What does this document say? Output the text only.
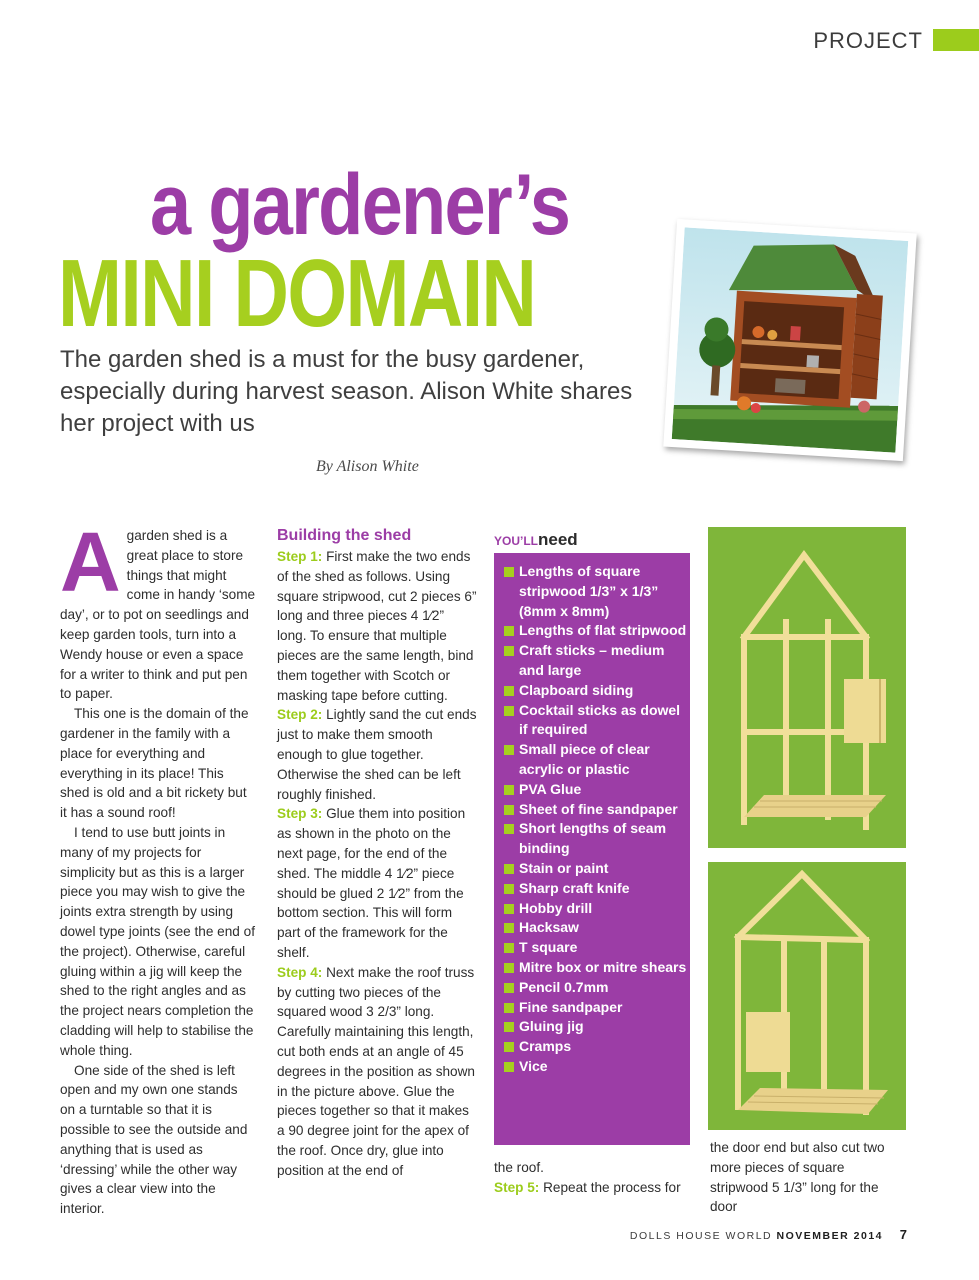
PROJECT
a gardener’s
MINI DOMAIN
The garden shed is a must for the busy gardener, especially during harvest season. Alison White shares her project with us
By Alison White
A garden shed is a great place to store things that might come in handy ‘some day’, or to pot on seedlings and keep garden tools, turn into a Wendy house or even a space for a writer to think and put pen to paper.

This one is the domain of the gardener in the family with a place for everything and everything in its place! This shed is old and a bit rickety but it has a sound roof!

I tend to use butt joints in many of my projects for simplicity but as this is a larger piece you may wish to give the joints extra strength by using dowel type joints (see the end of the project). Otherwise, careful gluing within a jig will keep the shed to the right angles and as the project nears completion the cladding will help to stabilise the whole thing.

One side of the shed is left open and my own one stands on a turntable so that it is possible to see the outside and anything that is used as ‘dressing’ while the other way gives a clear view into the interior.

Building the shed

Step 1: First make the two ends of the shed as follows. Using square stripwood, cut 2 pieces 6” long and three pieces 4 1⁄2” long. To ensure that multiple pieces are the same length, bind them together with Scotch or masking tape before cutting.

Step 2: Lightly sand the cut ends just to make them smooth enough to glue together. Otherwise the shed can be left roughly finished.

Step 3: Glue them into position as shown in the photo on the next page, for the end of the shed. The middle 4 1⁄2” piece should be glued 2 1⁄2” from the bottom section. This will form part of the framework for the shelf.

Step 4: Next make the roof truss by cutting two pieces of the squared wood 3 2/3” long. Carefully maintaining this length, cut both ends at an angle of 45 degrees in the position as shown in the picture above. Glue the pieces together so that it makes a 90 degree joint for the apex of the roof. Once dry, glue into position at the end of

YOU’LLneed
Lengths of square stripwood 1/3” x 1/3” (8mm x 8mm)
Lengths of flat stripwood
Craft sticks – medium and large
Clapboard siding
Cocktail sticks as dowel if required
Small piece of clear acrylic or plastic
PVA Glue
Sheet of fine sandpaper
Short lengths of seam binding
Stain or paint
Sharp craft knife
Hobby drill
Hacksaw
T square
Mitre box or mitre shears
Pencil 0.7mm
Fine sandpaper
Gluing jig
Cramps
Vice

the roof.

Step 5: Repeat the process for

the door end but also cut two more pieces of square stripwood 5 1/3” long for the door

DOLLS HOUSE WORLD NOVEMBER 2014 7
